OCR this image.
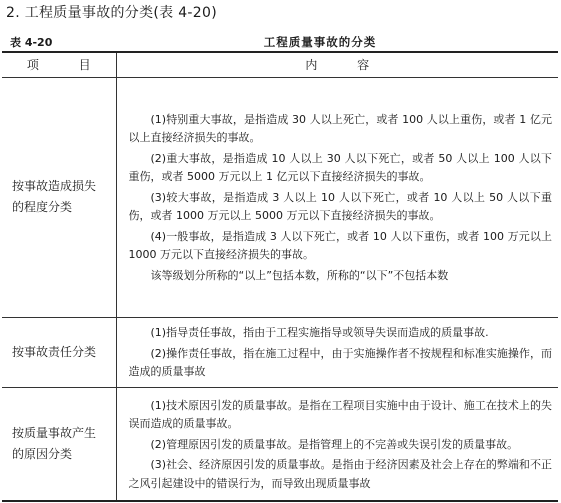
2. 工程质量事故的分类(表 4-20)
表 4-20	工程质量事故的分类
项 目	内 容
按事故造成损失的程度分类	(1)特别重大事故，是指造成 30 人以上死亡，或者 100 人以上重伤，或者 1 亿元以上直接经济损失的事故。

(2)重大事故，是指造成 10 人以上 30 人以下死亡，或者 50 人以上 100 人以下重伤，或者 5000 万元以上 1 亿元以下直接经济损失的事故。

(3)较大事故，是指造成 3 人以上 10 人以下死亡，或者 10 人以上 50 人以下重伤，或者 1000 万元以上 5000 万元以下直接经济损失的事故。

(4)一般事故，是指造成 3 人以下死亡，或者 10 人以下重伤，或者 100 万元以上 1000 万元以下直接经济损失的事故。

该等级划分所称的“以上”包括本数，所称的“以下”不包括本数

按事故责任分类	(1)指导责任事故，指由于工程实施指导或领导失误而造成的质量事故.

(2)操作责任事故，指在施工过程中，由于实施操作者不按规程和标准实施操作，而造成的质量事故

按质量事故产生的原因分类	(1)技术原因引发的质量事故。是指在工程项目实施中由于设计、施工在技术上的失误而造成的质量事故。

(2)管理原因引发的质量事故。是指管理上的不完善或失误引发的质量事故。

(3)社会、经济原因引发的质量事故。是指由于经济因素及社会上存在的弊端和不正之风引起建设中的错误行为，而导致出现质量事故
